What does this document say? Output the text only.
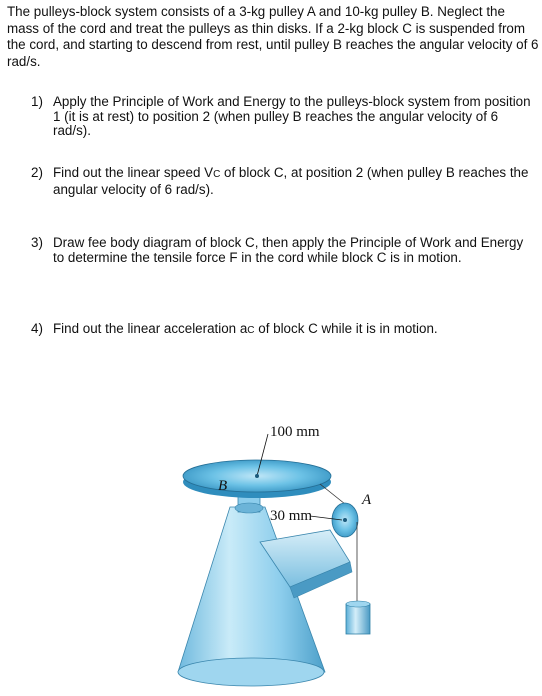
The pulleys-block system consists of a 3-kg pulley A and 10-kg pulley B. Neglect the mass of the cord and treat the pulleys as thin disks. If a 2-kg block C is suspended from the cord, and starting to descend from rest, until pulley B reaches the angular velocity of 6 rad/s.

1) Apply the Principle of Work and Energy to the pulleys-block system from position 1 (it is at rest) to position 2 (when pulley B reaches the angular velocity of 6 rad/s).
2) Find out the linear speed VC of block C, at position 2 (when pulley B reaches the angular velocity of 6 rad/s).
3) Draw fee body diagram of block C, then apply the Principle of Work and Energy to determine the tensile force F in the cord while block C is in motion.
4) Find out the linear acceleration aC of block C while it is in motion.
100 mm
30 mm
B
A
